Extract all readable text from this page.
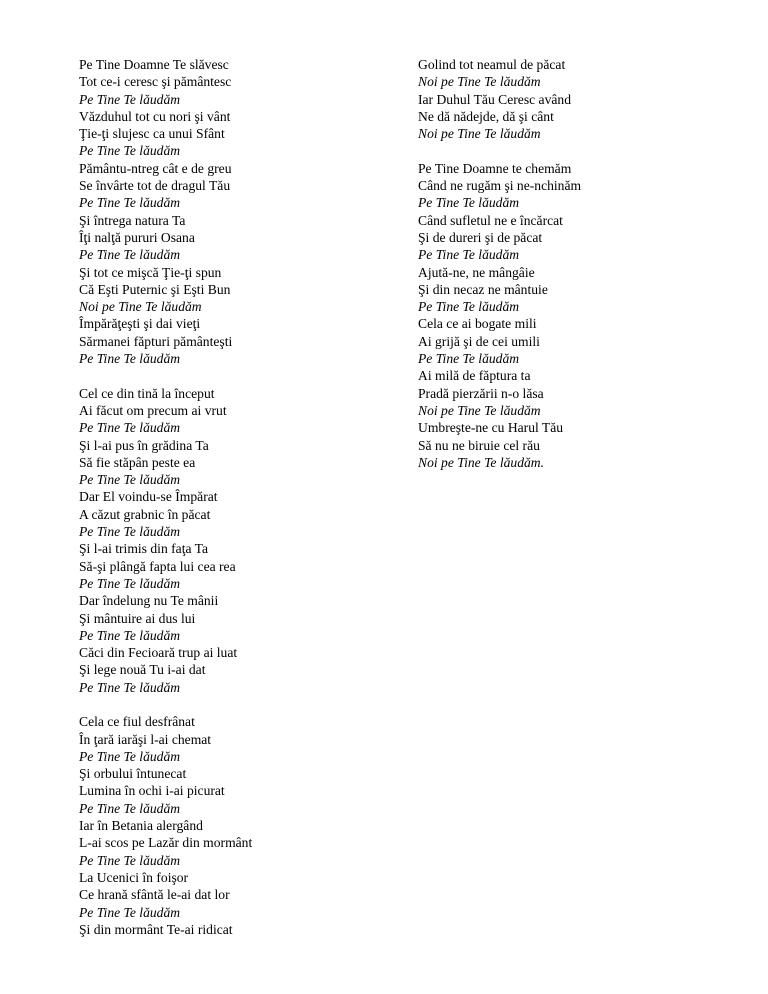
Pe Tine Doamne Te slăvesc
Tot ce-i ceresc şi pământesc
Pe Tine Te lăudăm
Văzduhul tot cu nori şi vânt
Ţie-ţi slujesc ca unui Sfânt
Pe Tine Te lăudăm
Pământu-ntreg cât e de greu
Se învârte tot de dragul Tău
Pe Tine Te lăudăm
Şi întrega natura Ta
Îţi nalţă pururi Osana
Pe Tine Te lăudăm
Şi tot ce mişcă Ţie-ţi spun
Că Eşti Puternic şi Eşti Bun
Noi pe Tine Te lăudăm
Împărăţeşti şi dai vieţi
Sărmanei făpturi pământeşti
Pe Tine Te lăudăm
Cel ce din tină la început
Ai făcut om precum ai vrut
Pe Tine Te lăudăm
Şi l-ai pus în grădina Ta
Să fie stăpân peste ea
Pe Tine Te lăudăm
Dar El voindu-se Împărat
A căzut grabnic în păcat
Pe Tine Te lăudăm
Şi l-ai trimis din faţa Ta
Să-şi plângă fapta lui cea rea
Pe Tine Te lăudăm
Dar îndelung nu Te mânii
Şi mântuire ai dus lui
Pe Tine Te lăudăm
Căci din Fecioară trup ai luat
Şi lege nouă Tu i-ai dat
Pe Tine Te lăudăm
Cela ce fiul desfrânat
În ţară iarăşi l-ai chemat
Pe Tine Te lăudăm
Şi orbului întunecat
Lumina în ochi i-ai picurat
Pe Tine Te lăudăm
Iar în Betania alergând
L-ai scos pe Lazăr din mormânt
Pe Tine Te lăudăm
La Ucenici în foişor
Ce hrană sfântă le-ai dat lor
Pe Tine Te lăudăm
Şi din mormânt Te-ai ridicat
Golind tot neamul de păcat
Noi pe Tine Te lăudăm
Iar Duhul Tău Ceresc având
Ne dă nădejde, dă şi cânt
Noi pe Tine Te lăudăm
Pe Tine Doamne te chemăm
Când ne rugăm şi ne-nchinăm
Pe Tine Te lăudăm
Când sufletul ne e încărcat
Şi de dureri şi de păcat
Pe Tine Te lăudăm
Ajută-ne, ne mângâie
Şi din necaz ne mântuie
Pe Tine Te lăudăm
Cela ce ai bogate mili
Ai grijă şi de cei umili
Pe Tine Te lăudăm
Ai milă de făptura ta
Pradă pierzării n-o lăsa
Noi pe Tine Te lăudăm
Umbreşte-ne cu Harul Tău
Să nu ne biruie cel rău
Noi pe Tine Te lăudăm.
